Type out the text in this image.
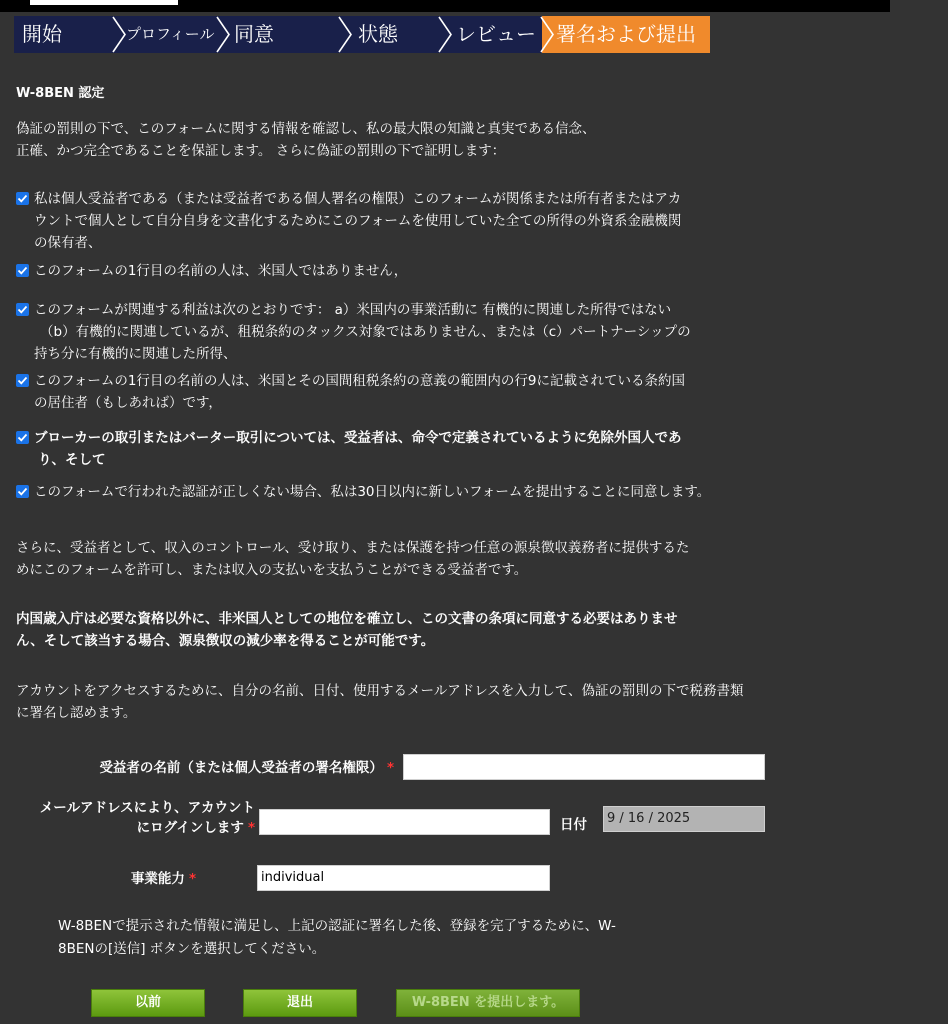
開始	プロフィール 同意	状態	レビュー 署名および提出
W-8BEN 認定
偽証の罰則の下で、このフォームに関する情報を確認し、私の最大限の知識と真実である信念、
正確、かつ完全であることを保証します。 さらに偽証の罰則の下で証明します：
私は個人受益者である（または受益者である個人署名の権限）このフォームが関係または所有者またはアカ
ウントで個人として自分自身を文書化するためにこのフォームを使用していた全ての所得の外資系金融機関
の保有者、
このフォームの1行目の名前の人は、米国人ではありません，
このフォームが関連する利益は次のとおりです： a）米国内の事業活動に 有機的に関連した所得ではない
（b）有機的に関連しているが、租税条約のタックス対象ではありません、または（c）パートナーシップの
持ち分に有機的に関連した所得、
このフォームの1行目の名前の人は、米国とその国間租税条約の意義の範囲内の行9に記載されている条約国
の居住者（もしあれば）です，
ブローカーの取引またはバーター取引については、受益者は、命令で定義されているように免除外国人であ
り、そして
このフォームで行われた認証が正しくない場合、私は30日以内に新しいフォームを提出することに同意します。
さらに、受益者として、収入のコントロール、受け取り、または保護を持つ任意の源泉徴収義務者に提供するた
めにこのフォームを許可し、または収入の支払いを支払うことができる受益者です。
内国歳入庁は必要な資格以外に、非米国人としての地位を確立し、この文書の条項に同意する必要はありませ
ん、そして該当する場合、源泉徴収の減少率を得ることが可能です。
アカウントをアクセスするために、自分の名前、日付、使用するメールアドレスを入力して、偽証の罰則の下で税務書類
に署名し認めます。
受益者の名前（または個人受益者の署名権限） *
メールアドレスにより、アカウント
にログインします *	日付	9 / 16 / 2025
事業能力 *	individual
W-8BENで提示された情報に満足し、上記の認証に署名した後、登録を完了するために、W-
8BENの[送信] ボタンを選択してください。
以前	退出	W-8BEN を提出します。
